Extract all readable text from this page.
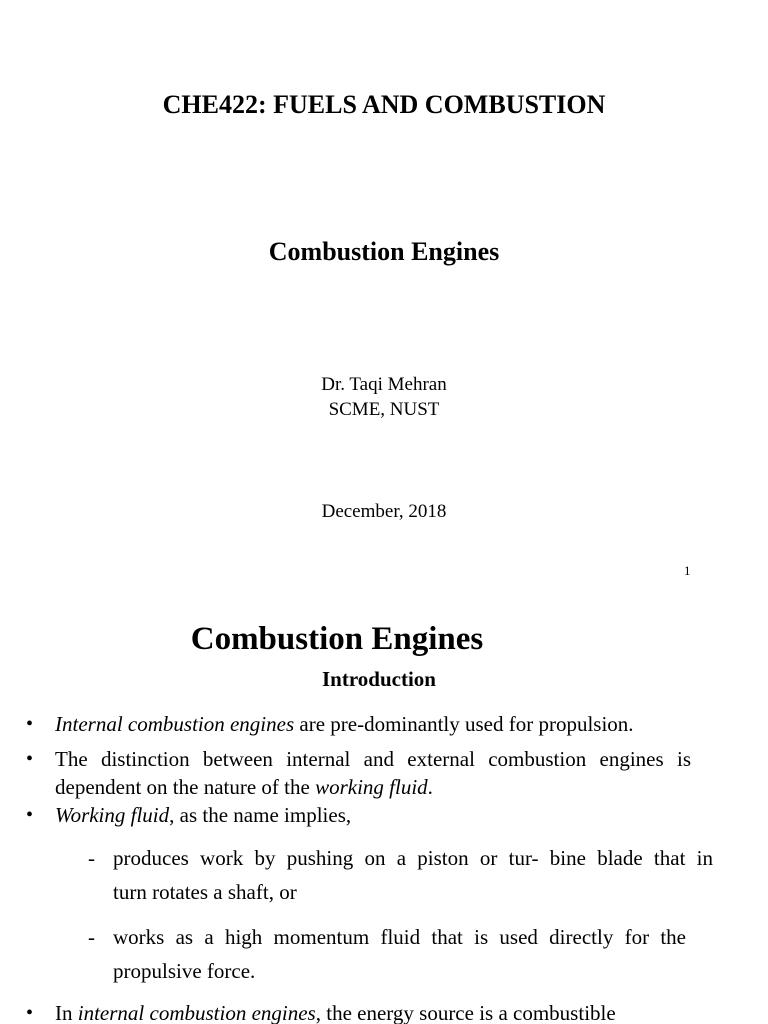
CHE422: FUELS AND COMBUSTION
Combustion Engines
Dr. Taqi Mehran
SCME, NUST
December, 2018
1
Combustion Engines
Introduction
• Internal combustion engines are pre-dominantly used for propulsion.
• The distinction between internal and external combustion engines is
dependent on the nature of the working fluid.
• Working fluid, as the name implies,
- produces work by pushing on a piston or tur- bine blade that in
turn rotates a shaft, or
- works as a high momentum fluid that is used directly for the
propulsive force.
• In internal combustion engines, the energy source is a combustible
